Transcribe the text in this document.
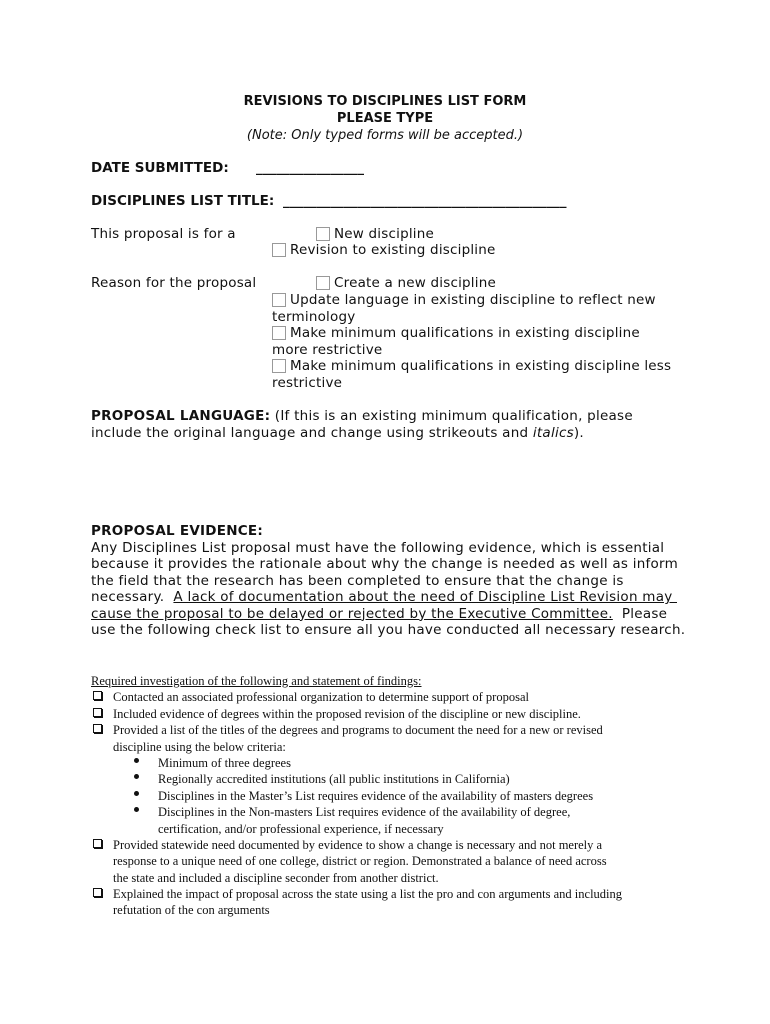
REVISIONS TO DISCIPLINES LIST FORM
PLEASE TYPE
(Note: Only typed forms will be accepted.)
DATE SUBMITTED: ________________
DISCIPLINES LIST TITLE: __________________________________________
This proposal is for a	New discipline
Revision to existing discipline
Reason for the proposal	Create a new discipline
Update language in existing discipline to reflect new
terminology
Make minimum qualifications in existing discipline
more restrictive
Make minimum qualifications in existing discipline less
restrictive
PROPOSAL LANGUAGE: (If this is an existing minimum qualification, please
include the original language and change using strikeouts and italics).
PROPOSAL EVIDENCE:
Any Disciplines List proposal must have the following evidence, which is essential
because it provides the rationale about why the change is needed as well as inform
the field that the research has been completed to ensure that the change is
necessary.  A lack of documentation about the need of Discipline List Revision may
cause the proposal to be delayed or rejected by the Executive Committee.  Please
use the following check list to ensure all you have conducted all necessary research.
Required investigation of the following and statement of findings:
Contacted an associated professional organization to determine support of proposal
Included evidence of degrees within the proposed revision of the discipline or new discipline.
Provided a list of the titles of the degrees and programs to document the need for a new or revised
discipline using the below criteria:
Minimum of three degrees
Regionally accredited institutions (all public institutions in California)
Disciplines in the Master’s List requires evidence of the availability of masters degrees
Disciplines in the Non-masters List requires evidence of the availability of degree,
certification, and/or professional experience, if necessary
Provided statewide need documented by evidence to show a change is necessary and not merely a
response to a unique need of one college, district or region. Demonstrated a balance of need across
the state and included a discipline seconder from another district.
Explained the impact of proposal across the state using a list the pro and con arguments and including
refutation of the con arguments
